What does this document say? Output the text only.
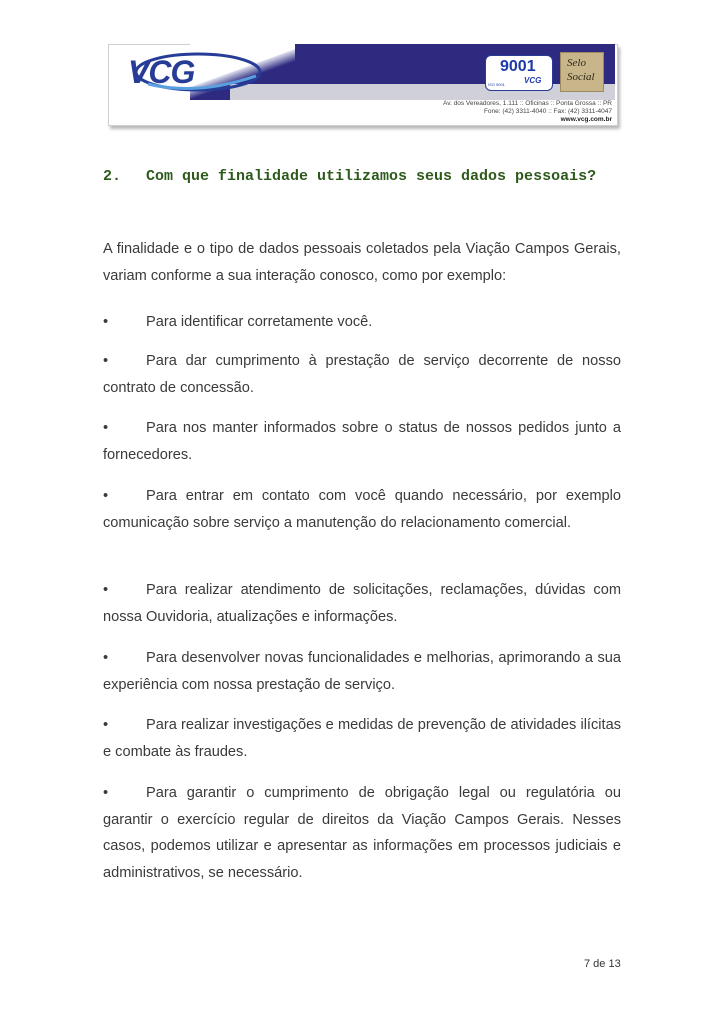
VCG	9001
VCG
ISO 9001
Selo
Social
Av. dos Vereadores, 1.111 :: Oficinas :: Ponta Grossa :: PR
Fone: (42) 3311-4040 :: Fax: (42) 3311-4047
www.vcg.com.br
2. Com que finalidade utilizamos seus dados pessoais?
A finalidade e o tipo de dados pessoais coletados pela Viação Campos Gerais, variam conforme a sua interação conosco, como por exemplo:
•	Para identificar corretamente você.
•	Para dar cumprimento à prestação de serviço decorrente de nosso contrato de concessão.
•	Para nos manter informados sobre o status de nossos pedidos junto a fornecedores.
•	Para entrar em contato com você quando necessário, por exemplo comunicação sobre serviço a manutenção do relacionamento comercial.
•	Para realizar atendimento de solicitações, reclamações, dúvidas com nossa Ouvidoria, atualizações e informações.
•	Para desenvolver novas funcionalidades e melhorias, aprimorando a sua experiência com nossa prestação de serviço.
•	Para realizar investigações e medidas de prevenção de atividades ilícitas e combate às fraudes.
•	Para garantir o cumprimento de obrigação legal ou regulatória ou garantir o exercício regular de direitos da Viação Campos Gerais. Nesses casos, podemos utilizar e apresentar as informações em processos judiciais e administrativos, se necessário.
7 de 13
